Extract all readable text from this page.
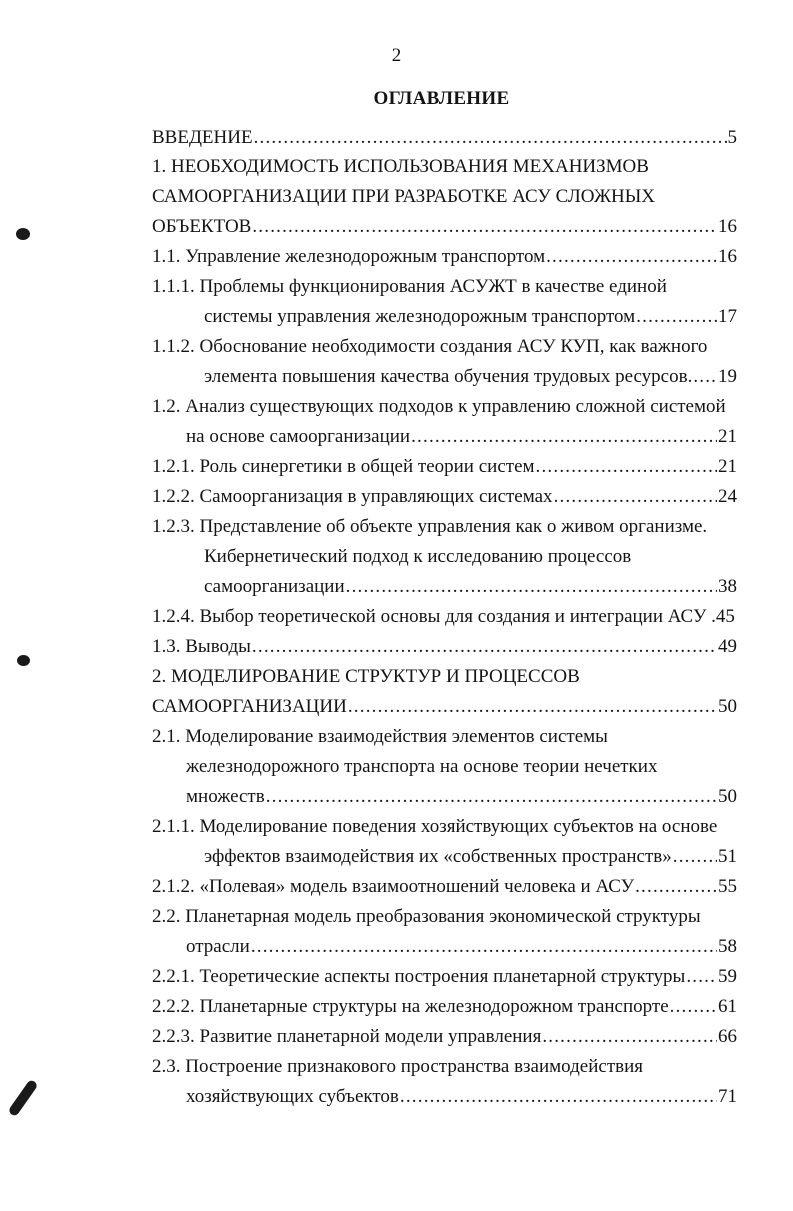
2
ОГЛАВЛЕНИЕ
ВВЕДЕНИЕ .....	5
1. НЕОБХОДИМОСТЬ ИСПОЛЬЗОВАНИЯ МЕХАНИЗМОВ
САМООРГАНИЗАЦИИ ПРИ РАЗРАБОТКЕ АСУ СЛОЖНЫХ
ОБЪЕКТОВ .....	16
1.1. Управление железнодорожным транспортом .....	16
1.1.1. Проблемы функционирования АСУЖТ в качестве единой
системы управления железнодорожным транспортом .....	17
1.1.2. Обоснование необходимости создания АСУ КУП, как важного
элемента повышения качества обучения трудовых ресурсов. ..... 19
1.2. Анализ существующих подходов к управлению сложной системой
на основе самоорганизации .....	21
1.2.1. Роль синергетики в общей теории систем .....	21
1.2.2. Самоорганизация в управляющих системах .....	24
1.2.3. Представление об объекте управления как о живом организме.
Кибернетический подход к исследованию процессов
самоорганизации .....	38
1.2.4. Выбор теоретической основы для создания и интеграции АСУ . 45
1.3. Выводы .....	49
2. МОДЕЛИРОВАНИЕ СТРУКТУР И ПРОЦЕССОВ
САМООРГАНИЗАЦИИ .....	50
2.1. Моделирование взаимодействия элементов системы
железнодорожного транспорта на основе теории нечетких
множеств .....	50
2.1.1. Моделирование поведения хозяйствующих субъектов на основе
эффектов взаимодействия их «собственных пространств» ..... 51
2.1.2. «Полевая» модель взаимоотношений человека и АСУ .....	55
2.2. Планетарная модель преобразования экономической структуры
отрасли .....	58
2.2.1. Теоретические аспекты построения планетарной структуры ..... 59
2.2.2. Планетарные структуры на железнодорожном транспорте .....	61
2.2.3. Развитие планетарной модели управления .....	66
2.3. Построение признакового пространства взаимодействия
хозяйствующих субъектов .....	71
